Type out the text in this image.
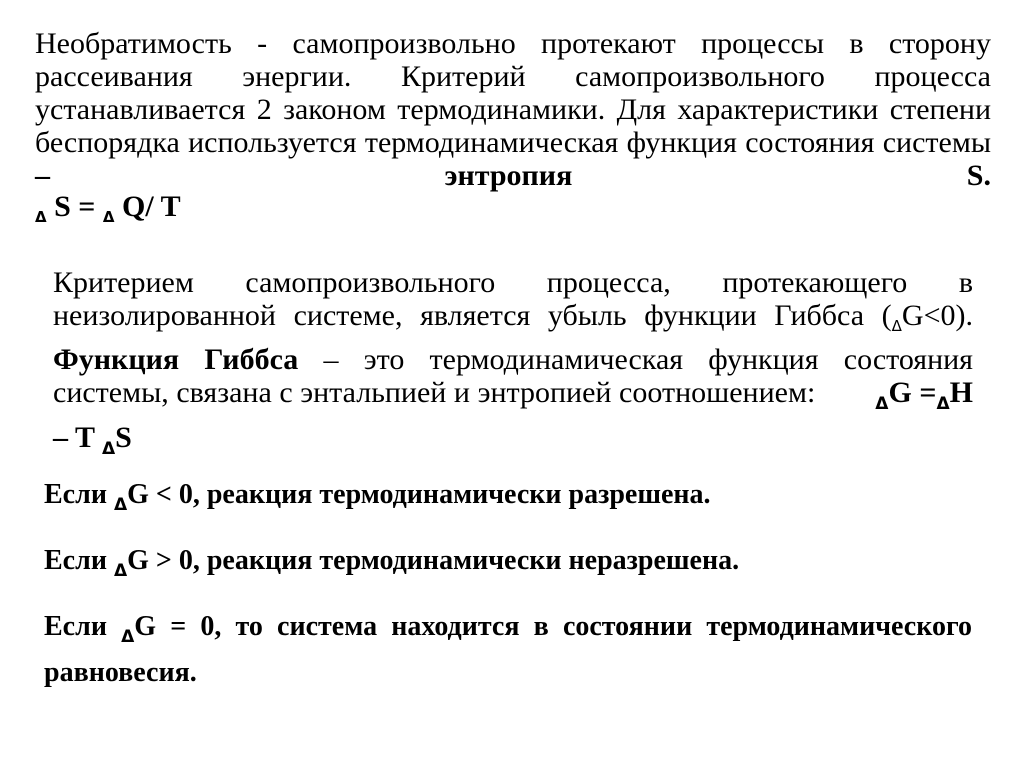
Необратимость - самопроизвольно протекают процессы в сторону рассеивания энергии. Критерий самопроизвольного процесса устанавливается 2 законом термодинамики. Для характеристики степени беспорядка используется термодинамическая функция состояния системы –	энтропия S.

$_\Delta$ S = $_\Delta$ Q/ T

Критерием самопроизвольного процесса, протекающего в неизолированной системе, является убыль функции Гиббса $(_\Delta G<0)$. Функция Гиббса – это термодинамическая функция состояния системы, связана с энтальпией и энтропией соотношением:	$_\Delta G =_\Delta H - T$ $_\Delta$S

Если $_\Delta$G < 0, реакция термодинамически разрешена.

Если $_\Delta$G > 0, реакция термодинамически неразрешена.

Если $_\Delta$G = 0, то система находится в состоянии термодинамического равновесия.
